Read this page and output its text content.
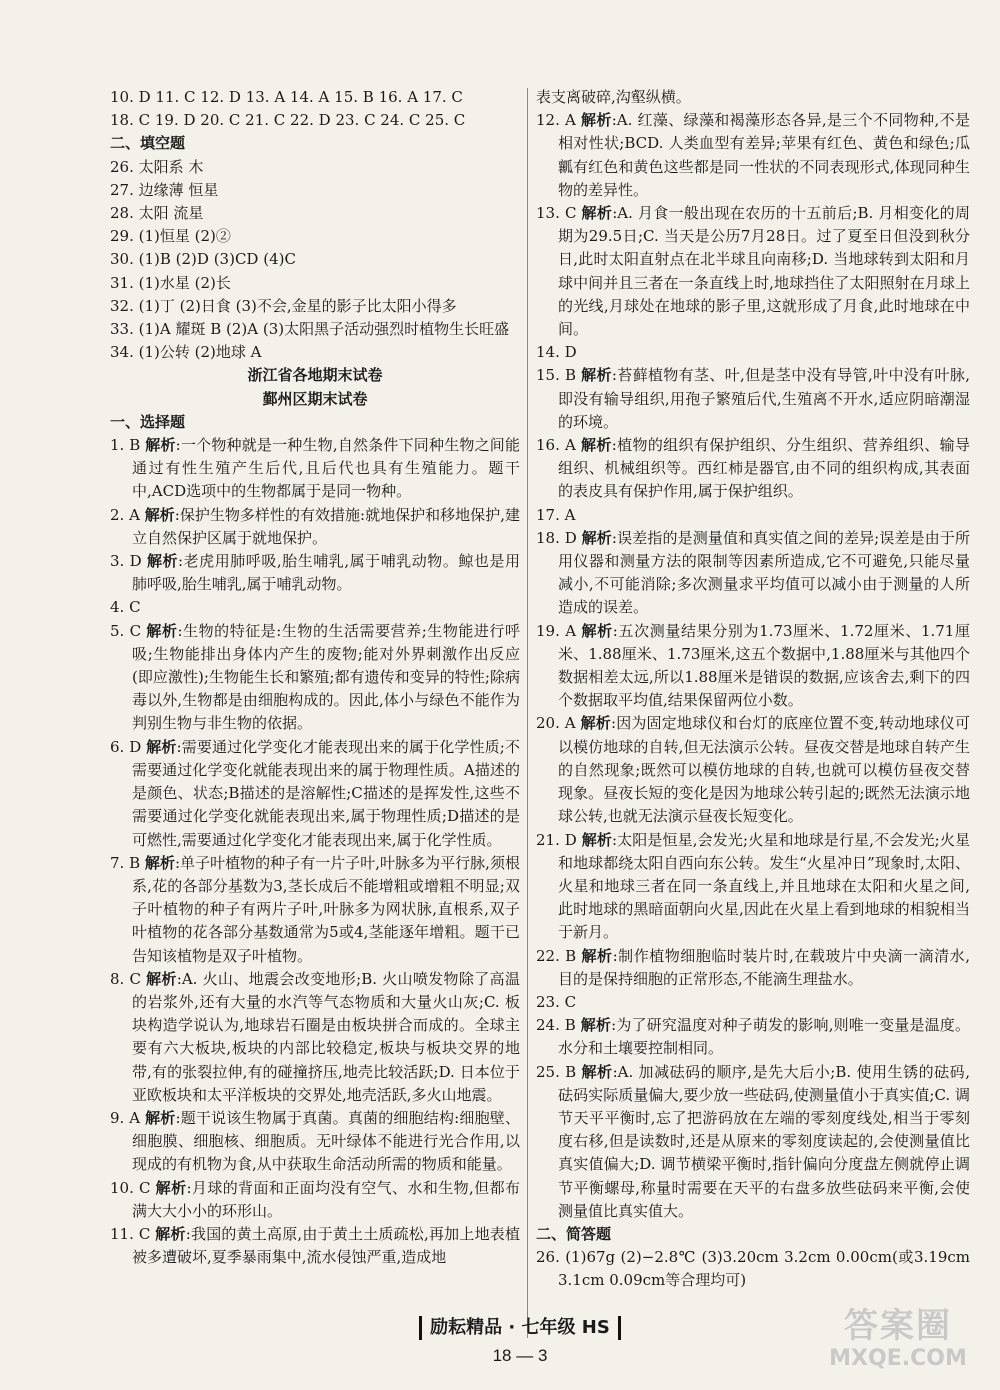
10. D 11. C 12. D 13. A 14. A 15. B 16. A 17. C
18. C 19. D 20. C 21. C 22. D 23. C 24. C 25. C
二、填空题
26. 太阳系 木
27. 边缘薄 恒星
28. 太阳 流星
29. (1)恒星 (2)②
30. (1)B (2)D (3)CD (4)C
31. (1)水星 (2)长
32. (1)丁 (2)日食 (3)不会,金星的影子比太阳小得多
33. (1)A 耀斑 B (2)A (3)太阳黑子活动强烈时植物生长旺盛
34. (1)公转 (2)地球 A
浙江省各地期末试卷
鄞州区期末试卷
一、选择题
1. B 解析:一个物种就是一种生物,自然条件下同种生物之间能通过有性生殖产生后代,且后代也具有生殖能力。题干中,ACD选项中的生物都属于是同一物种。
2. A 解析:保护生物多样性的有效措施:就地保护和移地保护,建立自然保护区属于就地保护。
3. D 解析:老虎用肺呼吸,胎生哺乳,属于哺乳动物。鲸也是用肺呼吸,胎生哺乳,属于哺乳动物。
4. C
5. C 解析:生物的特征是:生物的生活需要营养;生物能进行呼吸;生物能排出身体内产生的废物;能对外界刺激作出反应(即应激性);生物能生长和繁殖;都有遗传和变异的特性;除病毒以外,生物都是由细胞构成的。因此,体小与绿色不能作为判别生物与非生物的依据。
6. D 解析:需要通过化学变化才能表现出来的属于化学性质;不需要通过化学变化就能表现出来的属于物理性质。A描述的是颜色、状态;B描述的是溶解性;C描述的是挥发性,这些不需要通过化学变化就能表现出来,属于物理性质;D描述的是可燃性,需要通过化学变化才能表现出来,属于化学性质。
7. B 解析:单子叶植物的种子有一片子叶,叶脉多为平行脉,须根系,花的各部分基数为3,茎长成后不能增粗或增粗不明显;双子叶植物的种子有两片子叶,叶脉多为网状脉,直根系,双子叶植物的花各部分基数通常为5或4,茎能逐年增粗。题干已告知该植物是双子叶植物。
8. C 解析:A. 火山、地震会改变地形;B. 火山喷发物除了高温的岩浆外,还有大量的水汽等气态物质和大量火山灰;C. 板块构造学说认为,地球岩石圈是由板块拼合而成的。全球主要有六大板块,板块的内部比较稳定,板块与板块交界的地带,有的张裂拉伸,有的碰撞挤压,地壳比较活跃;D. 日本位于亚欧板块和太平洋板块的交界处,地壳活跃,多火山地震。
9. A 解析:题干说该生物属于真菌。真菌的细胞结构:细胞壁、细胞膜、细胞核、细胞质。无叶绿体不能进行光合作用,以现成的有机物为食,从中获取生命活动所需的物质和能量。
10. C 解析:月球的背面和正面均没有空气、水和生物,但都布满大大小小的环形山。
11. C 解析:我国的黄土高原,由于黄土土质疏松,再加上地表植被多遭破坏,夏季暴雨集中,流水侵蚀严重,造成地
表支离破碎,沟壑纵横。
12. A 解析:A. 红藻、绿藻和褐藻形态各异,是三个不同物种,不是相对性状;BCD. 人类血型有差异;苹果有红色、黄色和绿色;瓜瓤有红色和黄色这些都是同一性状的不同表现形式,体现同种生物的差异性。
13. C 解析:A. 月食一般出现在农历的十五前后;B. 月相变化的周期为29.5日;C. 当天是公历7月28日。过了夏至日但没到秋分日,此时太阳直射点在北半球且向南移;D. 当地球转到太阳和月球中间并且三者在一条直线上时,地球挡住了太阳照射在月球上的光线,月球处在地球的影子里,这就形成了月食,此时地球在中间。
14. D
15. B 解析:苔藓植物有茎、叶,但是茎中没有导管,叶中没有叶脉,即没有输导组织,用孢子繁殖后代,生殖离不开水,适应阴暗潮湿的环境。
16. A 解析:植物的组织有保护组织、分生组织、营养组织、输导组织、机械组织等。西红柿是器官,由不同的组织构成,其表面的表皮具有保护作用,属于保护组织。
17. A
18. D 解析:误差指的是测量值和真实值之间的差异;误差是由于所用仪器和测量方法的限制等因素所造成,它不可避免,只能尽量减小,不可能消除;多次测量求平均值可以减小由于测量的人所造成的误差。
19. A 解析:五次测量结果分别为1.73厘米、1.72厘米、1.71厘米、1.88厘米、1.73厘米,这五个数据中,1.88厘米与其他四个数据相差太远,所以1.88厘米是错误的数据,应该舍去,剩下的四个数据取平均值,结果保留两位小数。
20. A 解析:因为固定地球仪和台灯的底座位置不变,转动地球仪可以模仿地球的自转,但无法演示公转。昼夜交替是地球自转产生的自然现象;既然可以模仿地球的自转,也就可以模仿昼夜交替现象。昼夜长短的变化是因为地球公转引起的;既然无法演示地球公转,也就无法演示昼夜长短变化。
21. D 解析:太阳是恒星,会发光;火星和地球是行星,不会发光;火星和地球都绕太阳自西向东公转。发生“火星冲日”现象时,太阳、火星和地球三者在同一条直线上,并且地球在太阳和火星之间,此时地球的黑暗面朝向火星,因此在火星上看到地球的相貌相当于新月。
22. B 解析:制作植物细胞临时装片时,在载玻片中央滴一滴清水,目的是保持细胞的正常形态,不能滴生理盐水。
23. C
24. B 解析:为了研究温度对种子萌发的影响,则唯一变量是温度。水分和土壤要控制相同。
25. B 解析:A. 加减砝码的顺序,是先大后小;B. 使用生锈的砝码,砝码实际质量偏大,要少放一些砝码,使测量值小于真实值;C. 调节天平平衡时,忘了把游码放在左端的零刻度线处,相当于零刻度右移,但是读数时,还是从原来的零刻度读起的,会使测量值比真实值偏大;D. 调节横梁平衡时,指针偏向分度盘左侧就停止调节平衡螺母,称量时需要在天平的右盘多放些砝码来平衡,会使测量值比真实值大。
二、简答题
26. (1)67g (2)−2.8℃ (3)3.20cm 3.2cm 0.00cm(或3.19cm 3.1cm 0.09cm等合理均可)
励耘精品 · 七年级 HS
18 — 3
答案圈
MXQE.COM
